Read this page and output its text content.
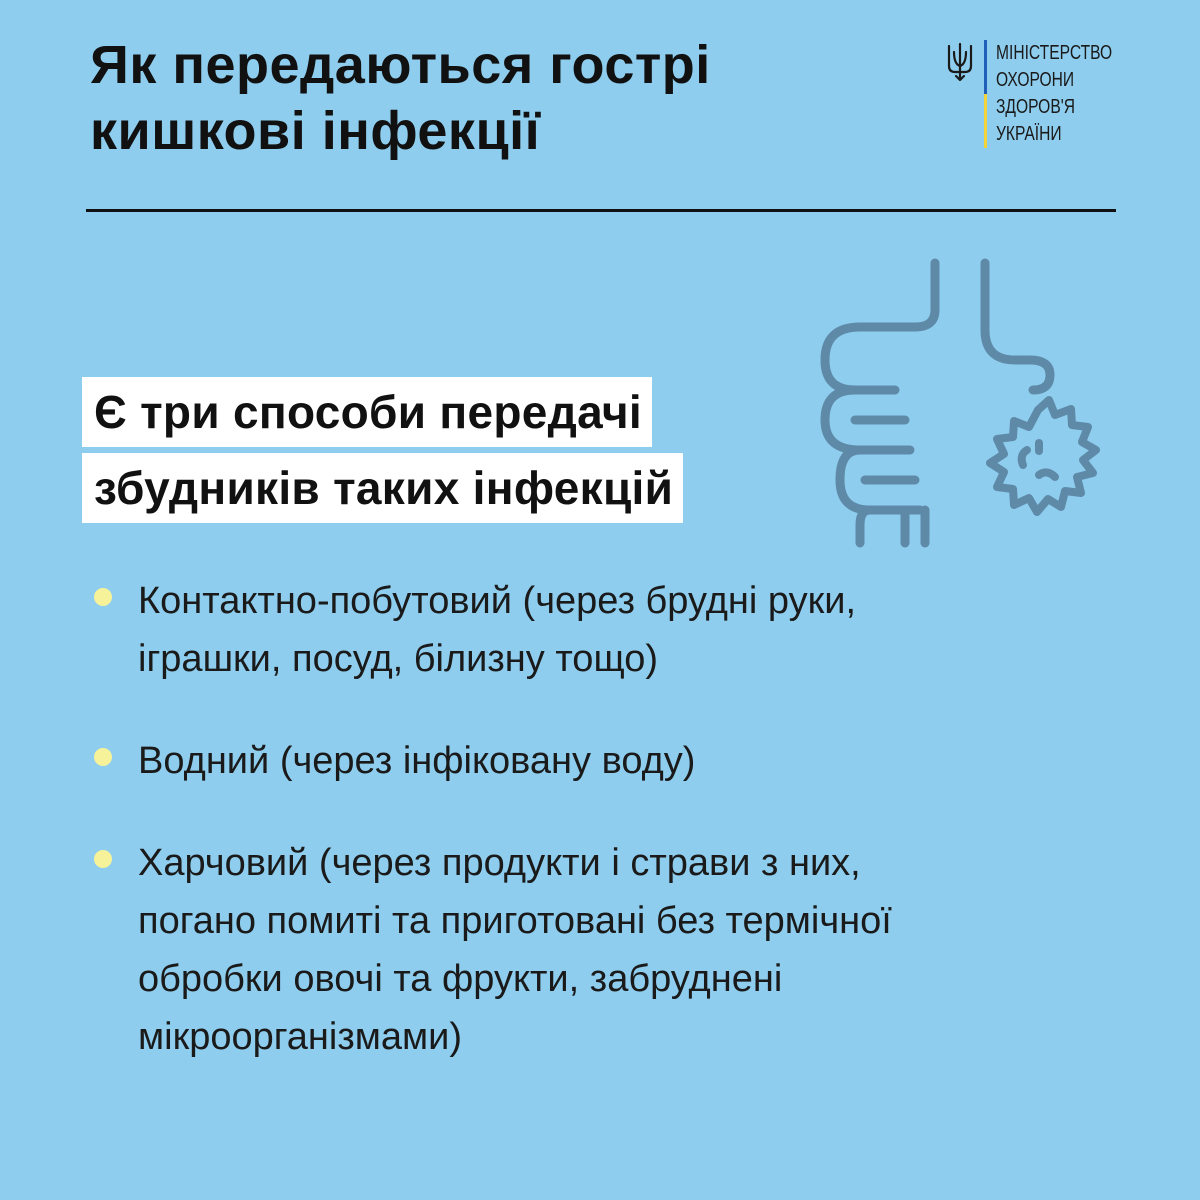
Як передаються гострі
кишкові інфекції
МІНІСТЕРСТВО
ОХОРОНИ
ЗДОРОВ'Я
УКРАЇНИ
Є три способи передачі
збудників таких інфекцій
Контактно-побутовий (через брудні руки,
іграшки, посуд, білизну тощо)
Водний (через інфіковану воду)
Харчовий (через продукти і страви з них,
погано помиті та приготовані без термічної
обробки овочі та фрукти, забруднені
мікроорганізмами)
